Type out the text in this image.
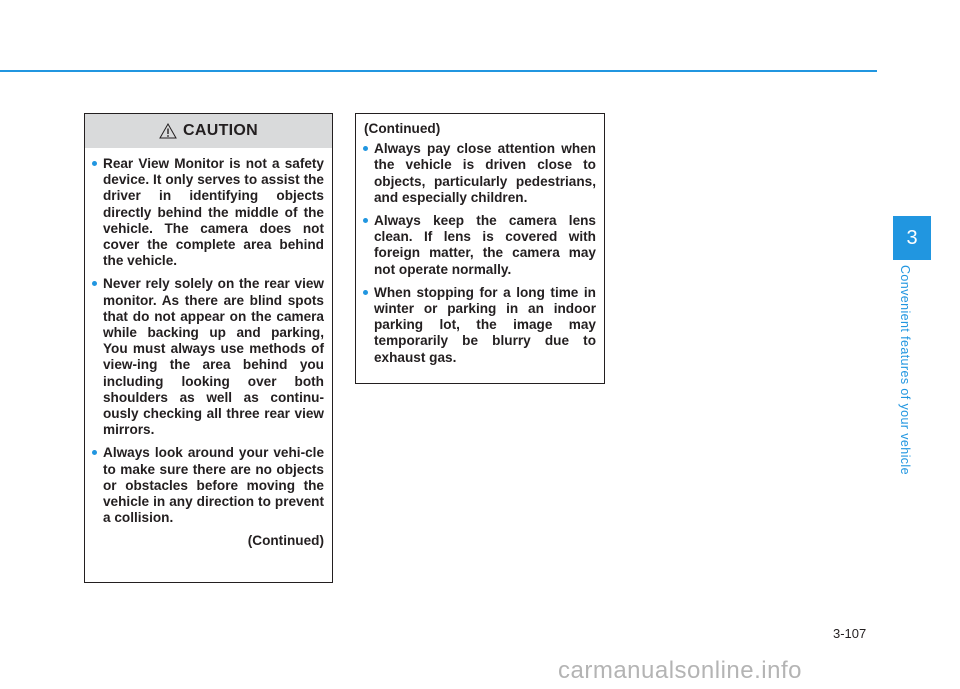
CAUTION
Rear View Monitor is not a safety device. It only serves to assist the driver in identifying objects directly behind the middle of the vehicle. The camera does not cover the complete area behind the vehicle.
Never rely solely on the rear view monitor. As there are blind spots that do not appear on the camera while backing up and parking, You must always use methods of view-ing the area behind you including looking over both shoulders as well as continu-ously checking all three rear view mirrors.
Always look around your vehi-cle to make sure there are no objects or obstacles before moving the vehicle in any direction to prevent a collision.
(Continued)
(Continued)
Always pay close attention when the vehicle is driven close to objects, particularly pedestrians, and especially children.
Always keep the camera lens clean. If lens is covered with foreign matter, the camera may not operate normally.
When stopping for a long time in winter or parking in an indoor parking lot, the image may temporarily be blurry due to exhaust gas.
3
Convenient features of your vehicle
3-107
carmanualsonline.info
